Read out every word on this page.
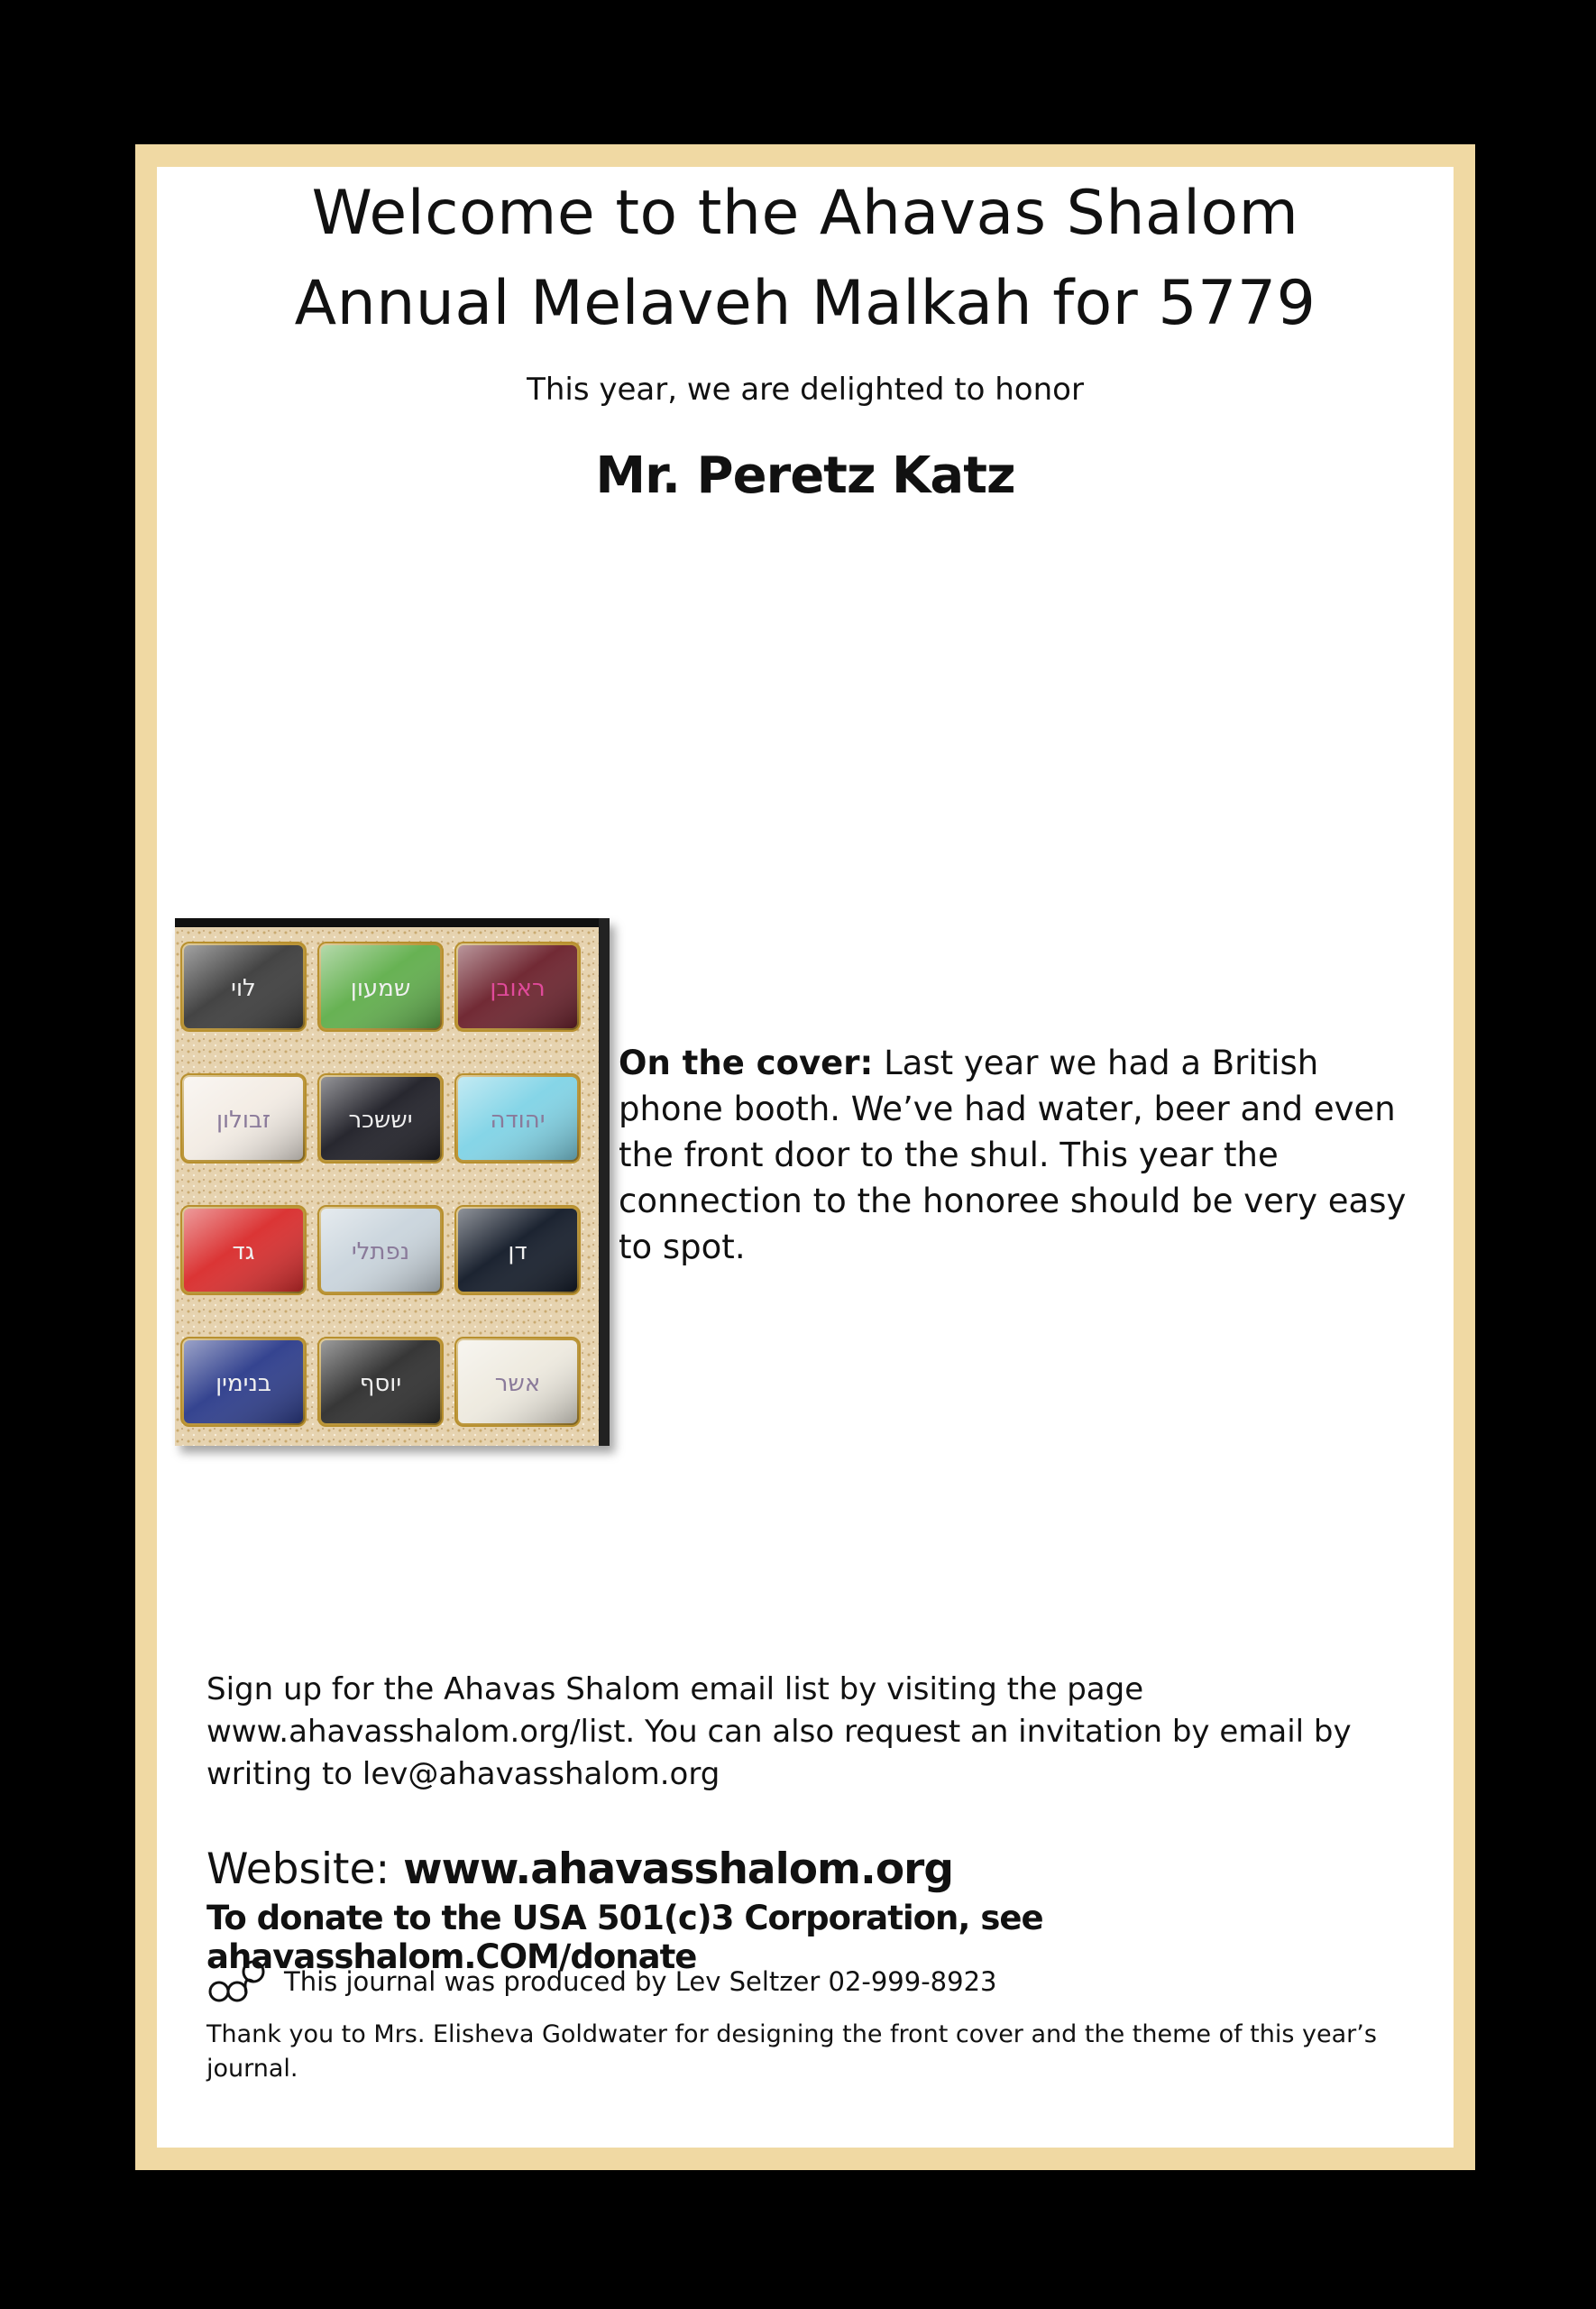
Welcome to the Ahavas Shalom
Annual Melaveh Malkah for 5779
This year, we are delighted to honor
Mr. Peretz Katz
לוי	שמעון	ראובן
זבולון	יששכר	יהודה
גד	נפתלי	דן
בנימין	יוסף	אשר
On the cover: Last year we had a British phone booth. We’ve had water, beer and even the front door to the shul. This year the connection to the honoree should be very easy to spot.
Sign up for the Ahavas Shalom email list by visiting the page www.ahavasshalom.org/list. You can also request an invitation by email by writing to lev@ahavasshalom.org
Website: www.ahavasshalom.org
To donate to the USA 501(c)3 Corporation, see ahavasshalom.COM/donate
This journal was produced by Lev Seltzer 02-999-8923
Thank you to Mrs. Elisheva Goldwater for designing the front cover and the theme of this year’s journal.
